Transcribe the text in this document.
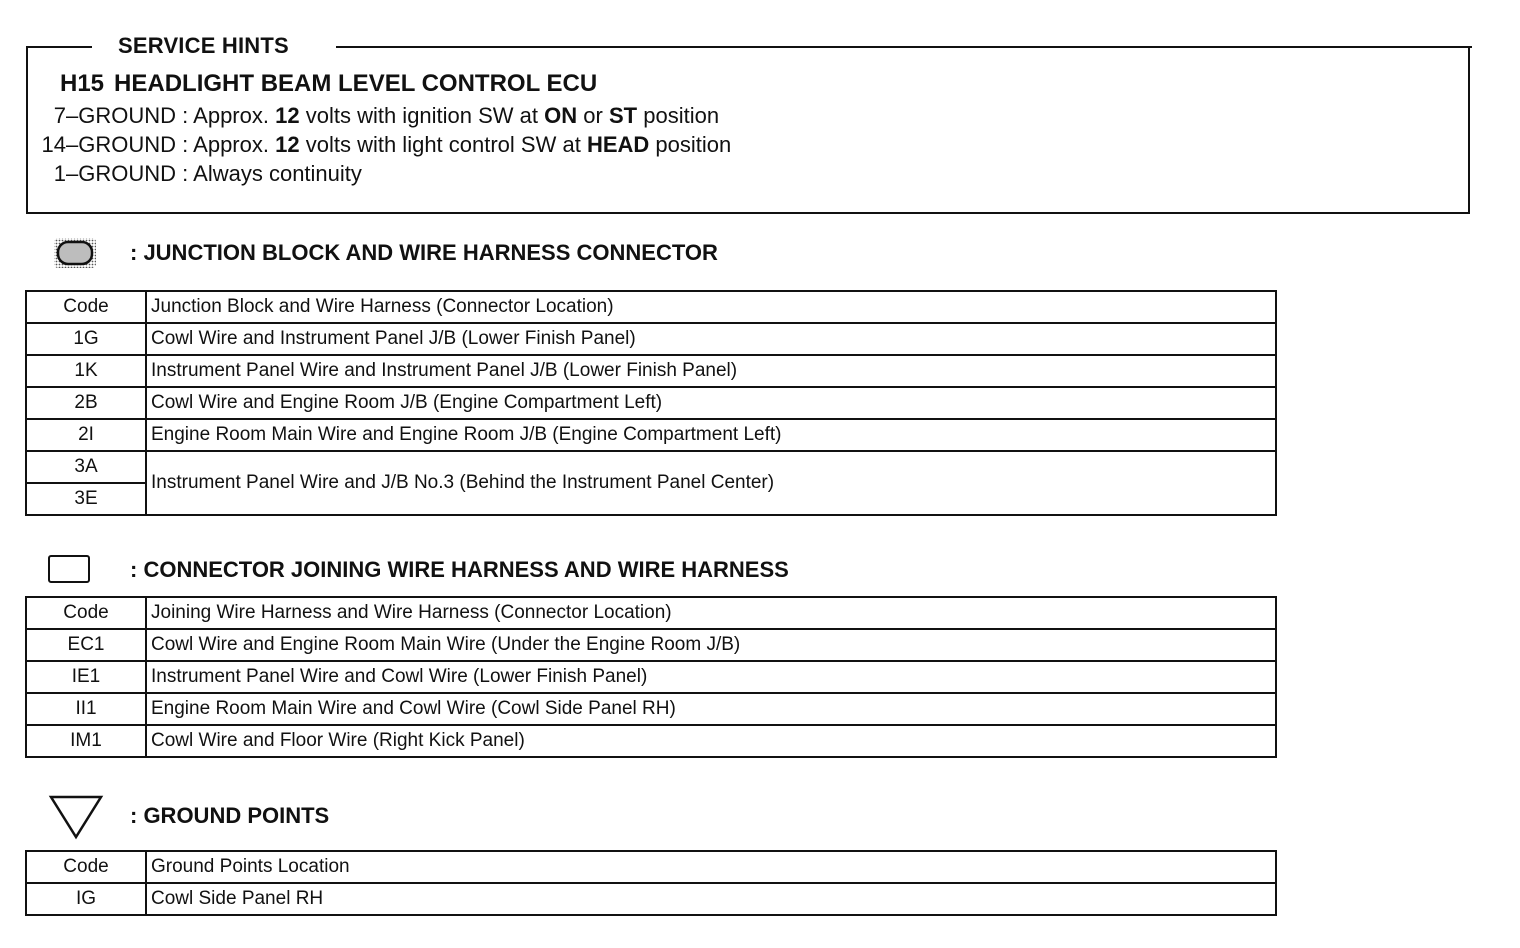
SERVICE HINTS
H15 HEADLIGHT BEAM LEVEL CONTROL ECU
7–GROUND : Approx. 12 volts with ignition SW at ON or ST position
14–GROUND : Approx. 12 volts with light control SW at HEAD position
1–GROUND : Always continuity
: JUNCTION BLOCK AND WIRE HARNESS CONNECTOR
Code	Junction Block and Wire Harness (Connector Location)
1G	Cowl Wire and Instrument Panel J/B (Lower Finish Panel)
1K	Instrument Panel Wire and Instrument Panel J/B (Lower Finish Panel)
2B	Cowl Wire and Engine Room J/B (Engine Compartment Left)
2I	Engine Room Main Wire and Engine Room J/B (Engine Compartment Left)
3A	Instrument Panel Wire and J/B No.3 (Behind the Instrument Panel Center)
3E	
: CONNECTOR JOINING WIRE HARNESS AND WIRE HARNESS
Code	Joining Wire Harness and Wire Harness (Connector Location)
EC1	Cowl Wire and Engine Room Main Wire (Under the Engine Room J/B)
IE1	Instrument Panel Wire and Cowl Wire (Lower Finish Panel)
II1	Engine Room Main Wire and Cowl Wire (Cowl Side Panel RH)
IM1	Cowl Wire and Floor Wire (Right Kick Panel)
: GROUND POINTS
Code	Ground Points Location
IG	Cowl Side Panel RH
